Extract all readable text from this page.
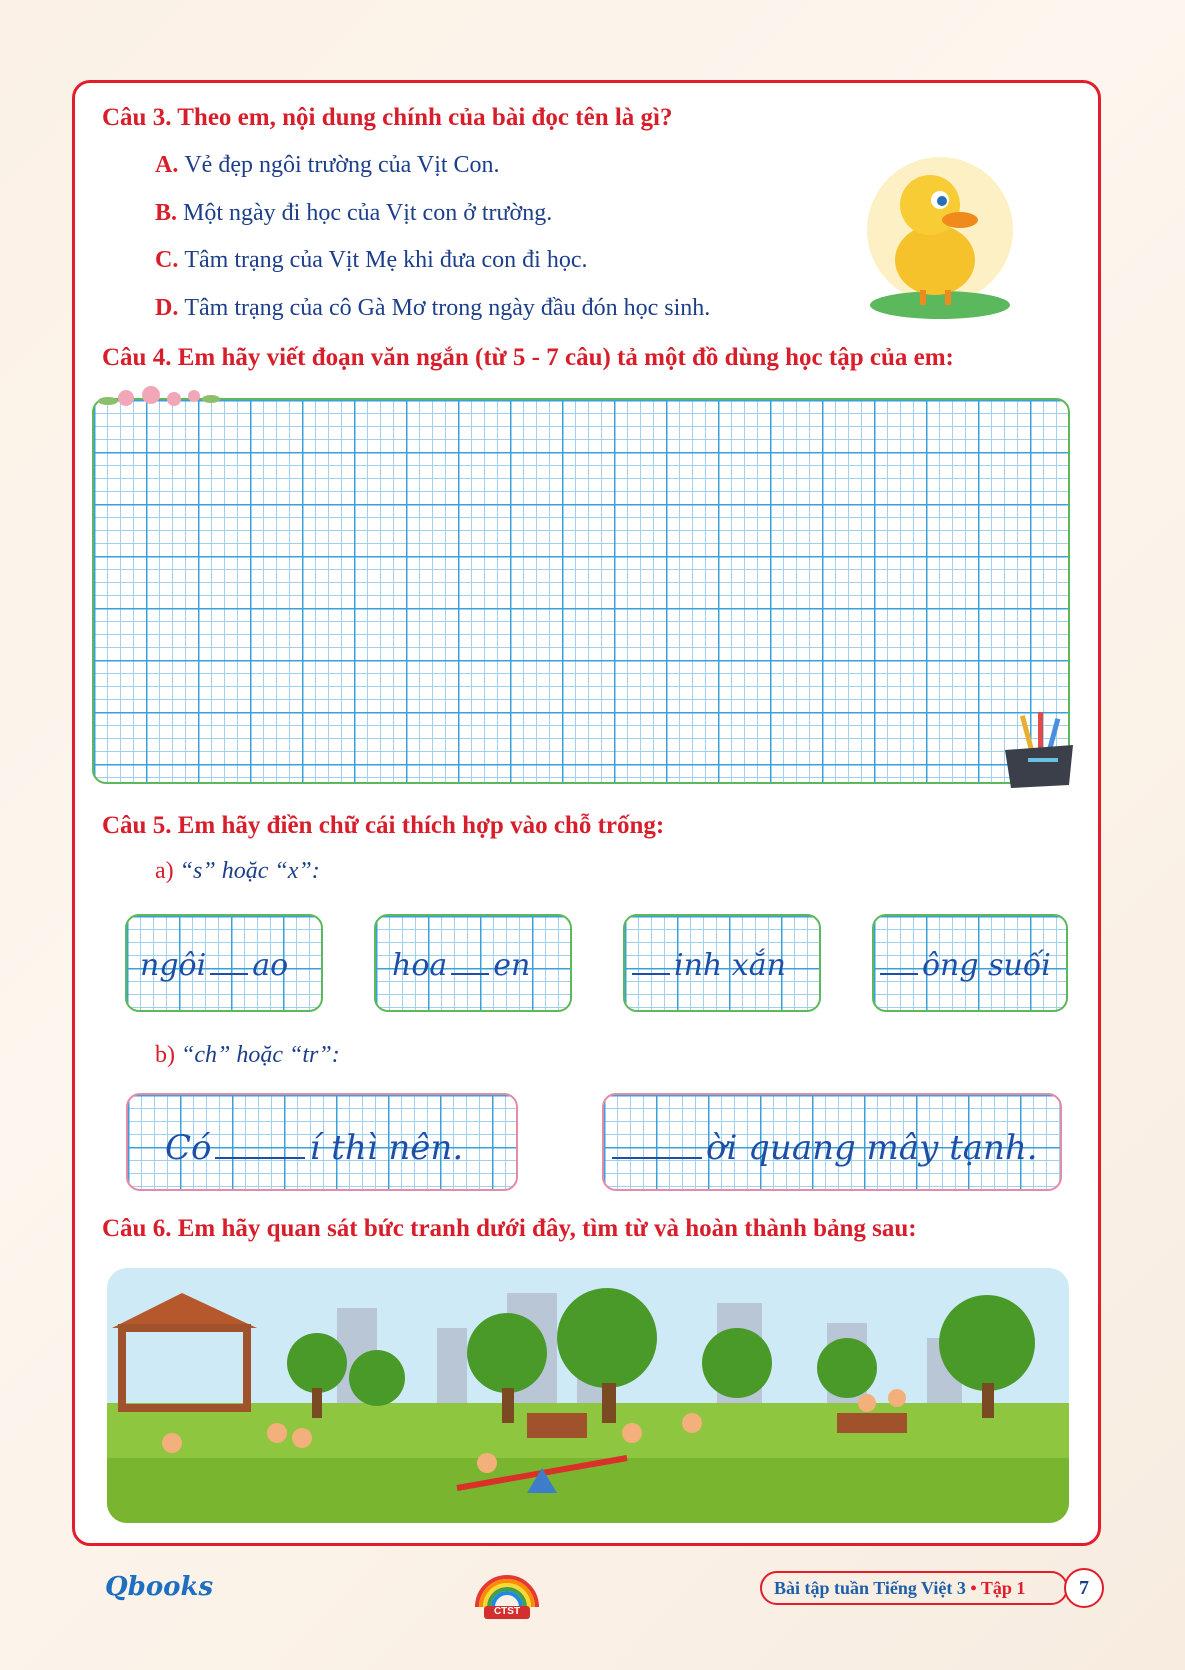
Câu 3. Theo em, nội dung chính của bài đọc tên là gì?
A. Vẻ đẹp ngôi trường của Vịt Con.
B. Một ngày đi học của Vịt con ở trường.
C. Tâm trạng của Vịt Mẹ khi đưa con đi học.
D. Tâm trạng của cô Gà Mơ trong ngày đầu đón học sinh.
Câu 4. Em hãy viết đoạn văn ngắn (từ 5 - 7 câu) tả một đồ dùng học tập của em:
Câu 5. Em hãy điền chữ cái thích hợp vào chỗ trống:
a) “s” hoặc “x”:
ngôi ao	hoa en	inh xắn	ông suối
b) “ch” hoặc “tr”:
Có	í thì nên.	ời quang mây tạnh.
Câu 6. Em hãy quan sát bức tranh dưới đây, tìm từ và hoàn thành bảng sau:
Qbooks
CTST
Bài tập tuần Tiếng Việt 3 • Tập 1	7
